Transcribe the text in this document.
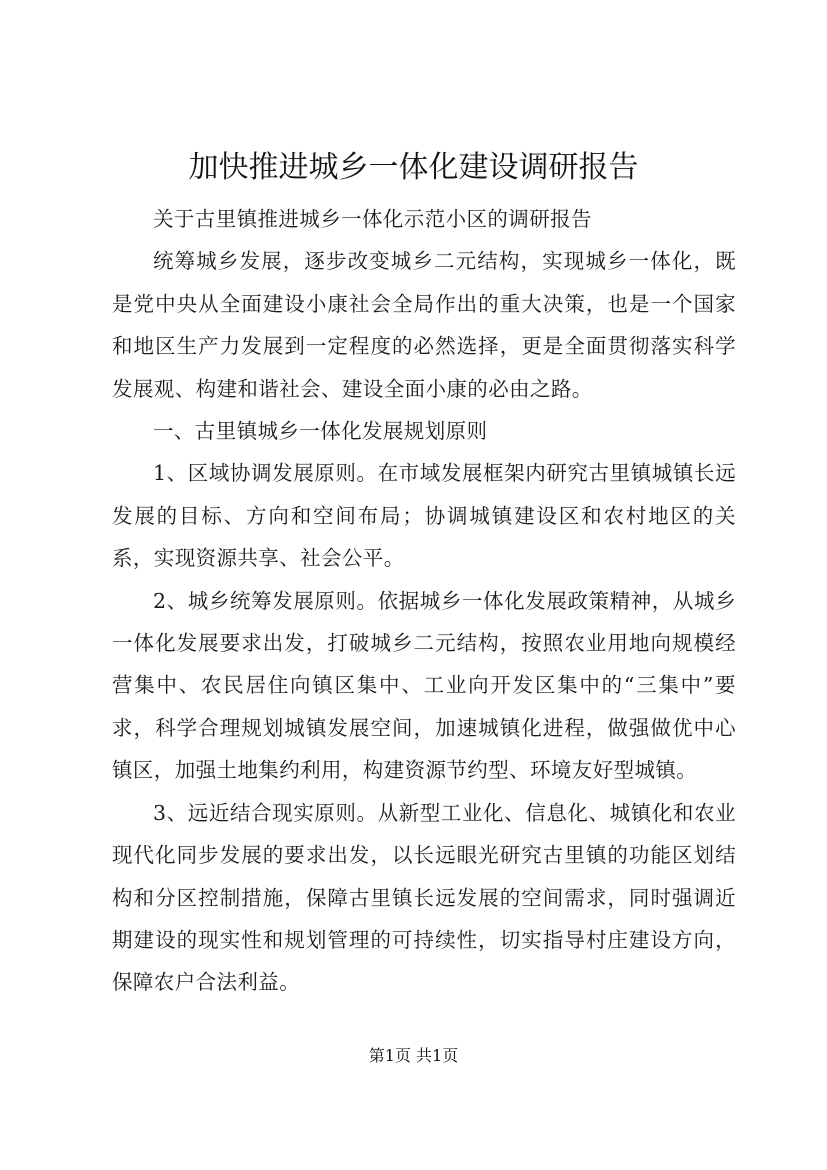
加快推进城乡一体化建设调研报告

关于古里镇推进城乡一体化示范小区的调研报告

统筹城乡发展，逐步改变城乡二元结构，实现城乡一体化，既是党中央从全面建设小康社会全局作出的重大决策，也是一个国家和地区生产力发展到一定程度的必然选择，更是全面贯彻落实科学发展观、构建和谐社会、建设全面小康的必由之路。

一、古里镇城乡一体化发展规划原则

1、区域协调发展原则。在市域发展框架内研究古里镇城镇长远发展的目标、方向和空间布局；协调城镇建设区和农村地区的关系，实现资源共享、社会公平。

2、城乡统筹发展原则。依据城乡一体化发展政策精神，从城乡一体化发展要求出发，打破城乡二元结构，按照农业用地向规模经营集中、农民居住向镇区集中、工业向开发区集中的“三集中”要求，科学合理规划城镇发展空间，加速城镇化进程，做强做优中心镇区，加强土地集约利用，构建资源节约型、环境友好型城镇。

3、远近结合现实原则。从新型工业化、信息化、城镇化和农业现代化同步发展的要求出发，以长远眼光研究古里镇的功能区划结构和分区控制措施，保障古里镇长远发展的空间需求，同时强调近期建设的现实性和规划管理的可持续性，切实指导村庄建设方向，保障农户合法利益。

第1页 共1页
